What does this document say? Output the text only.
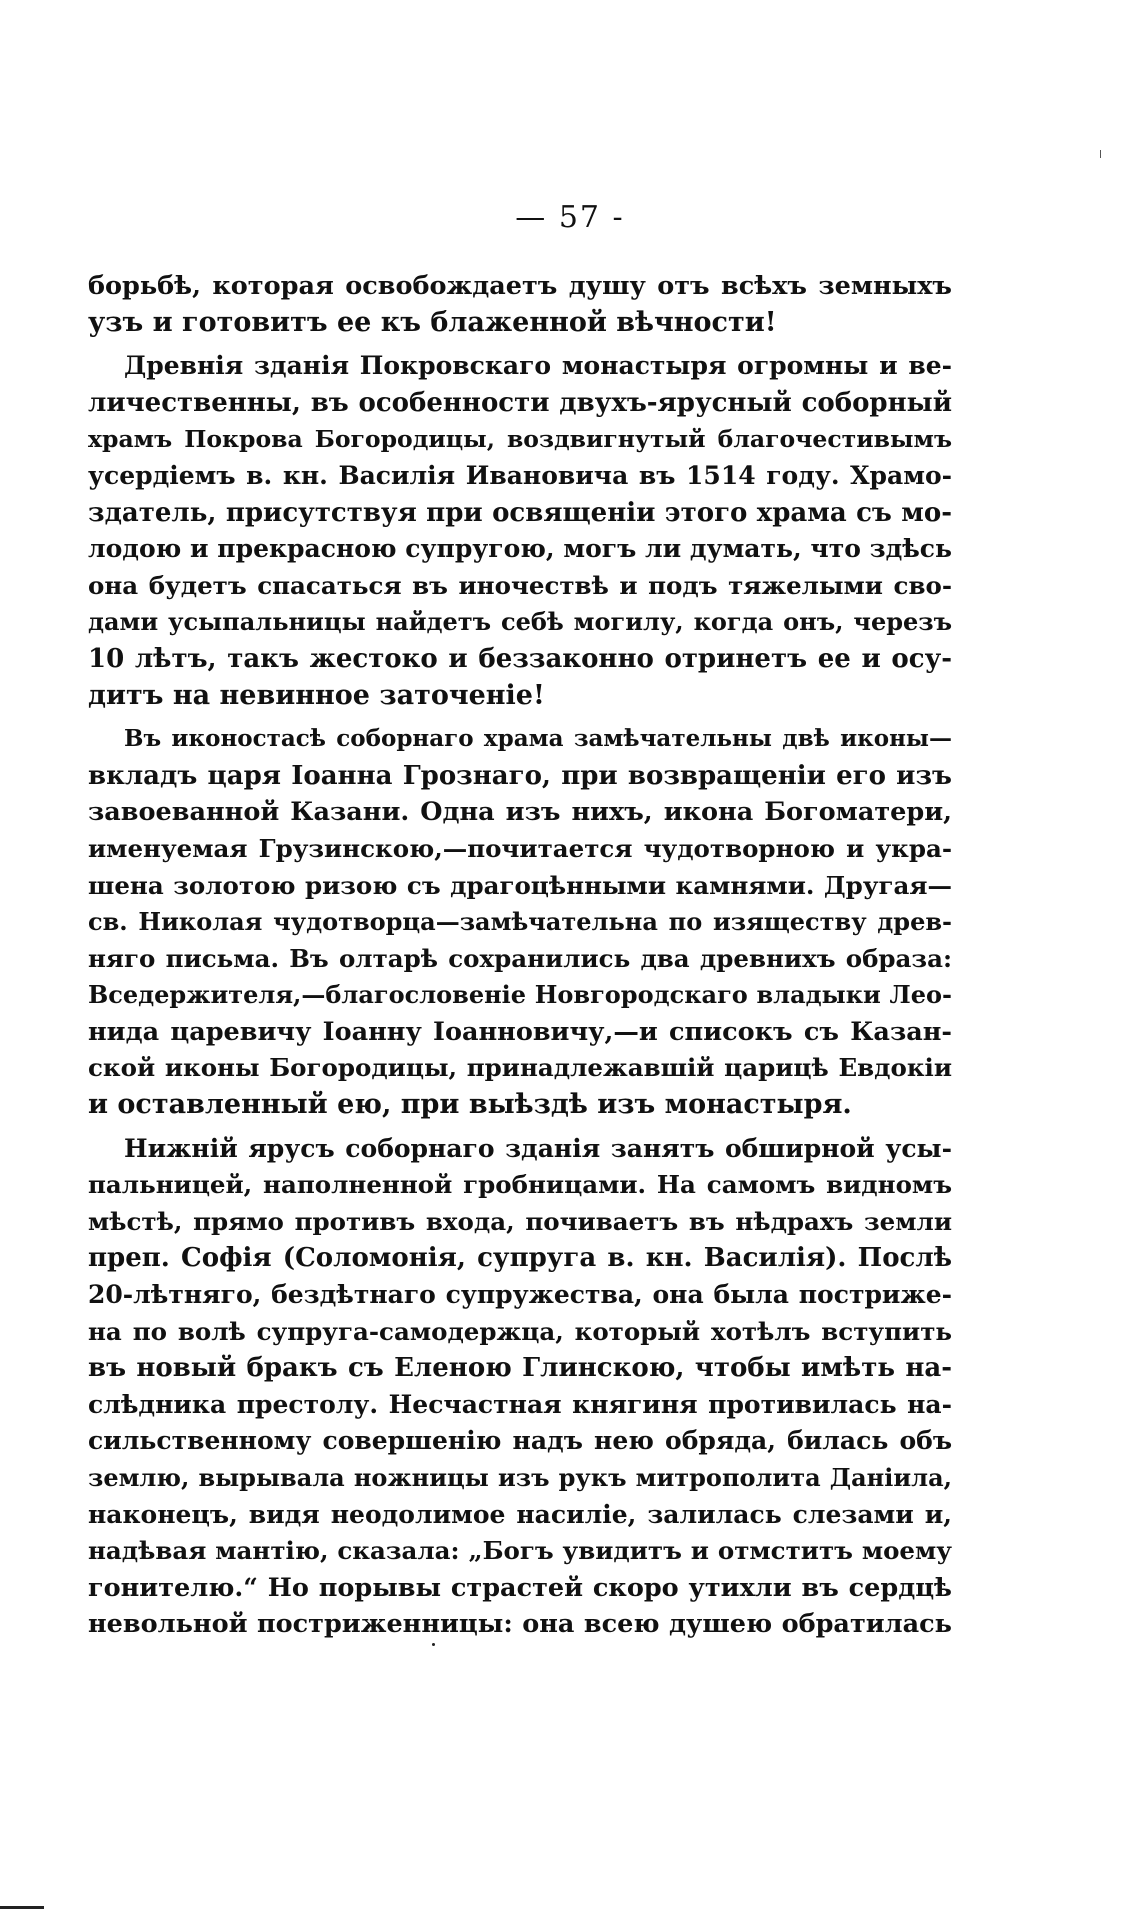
— 57 -
борьбѣ, которая освобождаетъ душу отъ всѣхъ земныхъ
узъ и готовитъ ее къ блаженной вѣчности!
Древнія зданія Покровскаго монастыря огромны и ве-
личественны, въ особенности двухъ-ярусный соборный
храмъ Покрова Богородицы, воздвигнутый благочестивымъ
усердіемъ в. кн. Василія Ивановича въ 1514 году. Храмо-
здатель, присутствуя при освященіи этого храма съ мо-
лодою и прекрасною супругою, могъ ли думать, что здѣсь
она будетъ спасаться въ иночествѣ и подъ тяжелыми сво-
дами усыпальницы найдетъ себѣ могилу, когда онъ, черезъ
10 лѣтъ, такъ жестоко и беззаконно отринетъ ее и осу-
дитъ на невинное заточеніе!
Въ иконостасѣ соборнаго храма замѣчательны двѣ иконы—
вкладъ царя Іоанна Грознаго, при возвращеніи его изъ
завоеванной Казани. Одна изъ нихъ, икона Богоматери,
именуемая Грузинскою,—почитается чудотворною и укра-
шена золотою ризою съ драгоцѣнными камнями. Другая—
св. Николая чудотворца—замѣчательна по изяществу древ-
няго письма. Въ олтарѣ сохранились два древнихъ образа:
Вседержителя,—благословеніе Новгородскаго владыки Лео-
нида царевичу Іоанну Іоанновичу,—и списокъ съ Казан-
ской иконы Богородицы, принадлежавшій царицѣ Евдокіи
и оставленный ею, при выѣздѣ изъ монастыря.
Нижній ярусъ соборнаго зданія занятъ обширной усы-
пальницей, наполненной гробницами. На самомъ видномъ
мѣстѣ, прямо противъ входа, почиваетъ въ нѣдрахъ земли
преп. Софія (Соломонія, супруга в. кн. Василія). Послѣ
20-лѣтняго, бездѣтнаго супружества, она была постриже-
на по волѣ супруга-самодержца, который хотѣлъ вступить
въ новый бракъ съ Еленою Глинскою, чтобы имѣть на-
слѣдника престолу. Несчастная княгиня противилась на-
сильственному совершенію надъ нею обряда, билась объ
землю, вырывала ножницы изъ рукъ митрополита Даніила,
наконецъ, видя неодолимое насиліе, залилась слезами и,
надѣвая мантію, сказала: „Богъ увидитъ и отмститъ моему
гонителю.“ Но порывы страстей скоро утихли въ сердцѣ
невольной постриженницы: она всею душею обратилась
